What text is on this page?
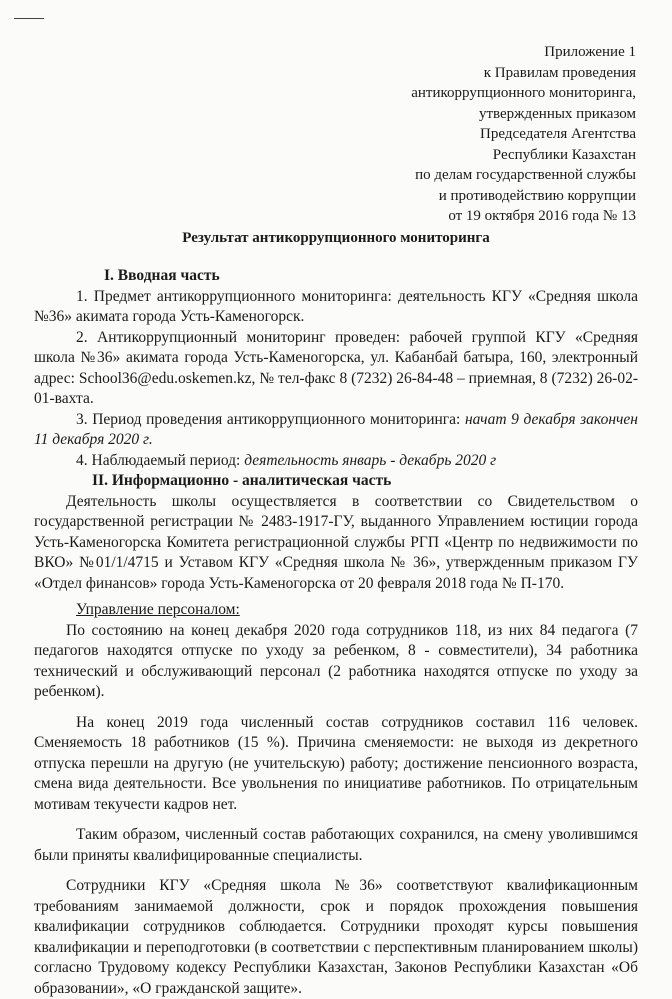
Приложение 1
к Правилам проведения
антикоррупционного мониторинга,
утвержденных приказом
Председателя Агентства
Республики Казахстан
по делам государственной службы
и противодействию коррупции
от 19 октября 2016 года № 13
Результат антикоррупционного мониторинга

I. Вводная часть

1. Предмет антикоррупционного мониторинга: деятельность КГУ «Средняя школа №36» акимата города Усть-Каменогорск.

2. Антикоррупционный мониторинг проведен: рабочей группой КГУ «Средняя школа №36» акимата города Усть-Каменогорска, ул. Кабанбай батыра, 160, электронный адрес: School36@edu.oskemen.kz, № тел-факс 8 (7232) 26-84-48 – приемная, 8 (7232) 26-02-01-вахта.

3. Период проведения антикоррупционного мониторинга: начат 9 декабря закончен 11 декабря 2020 г.

4. Наблюдаемый период: деятельность январь - декабрь 2020 г

II. Информационно - аналитическая часть

Деятельность школы осуществляется в соответствии со Свидетельством о государственной регистрации № 2483-1917-ГУ, выданного Управлением юстиции города Усть-Каменогорска Комитета регистрационной службы РГП «Центр по недвижимости по ВКО» №01/1/4715 и Уставом КГУ «Средняя школа № 36», утвержденным приказом ГУ «Отдел финансов» города Усть-Каменогорска от 20 февраля 2018 года № П-170.

Управление персоналом:

По состоянию на конец декабря 2020 года сотрудников 118, из них 84 педагога (7 педагогов находятся отпуске по уходу за ребенком, 8 - совместители), 34 работника технический и обслуживающий персонал (2 работника находятся отпуске по уходу за ребенком).

На конец 2019 года численный состав сотрудников составил 116 человек. Сменяемость 18 работников (15 %). Причина сменяемости: не выходя из декретного отпуска перешли на другую (не учительскую) работу; достижение пенсионного возраста, смена вида деятельности. Все увольнения по инициативе работников. По отрицательным мотивам текучести кадров нет.

Таким образом, численный состав работающих сохранился, на смену уволившимся были приняты квалифицированные специалисты.

Сотрудники КГУ «Средняя школа №36» соответствуют квалификационным требованиям занимаемой должности, срок и порядок прохождения повышения квалификации сотрудников соблюдается. Сотрудники проходят курсы повышения квалификации и переподготовки (в соответствии с перспективным планированием школы) согласно Трудовому кодексу Республики Казахстан, Законов Республики Казахстан «Об образовании», «О гражданской защите».
